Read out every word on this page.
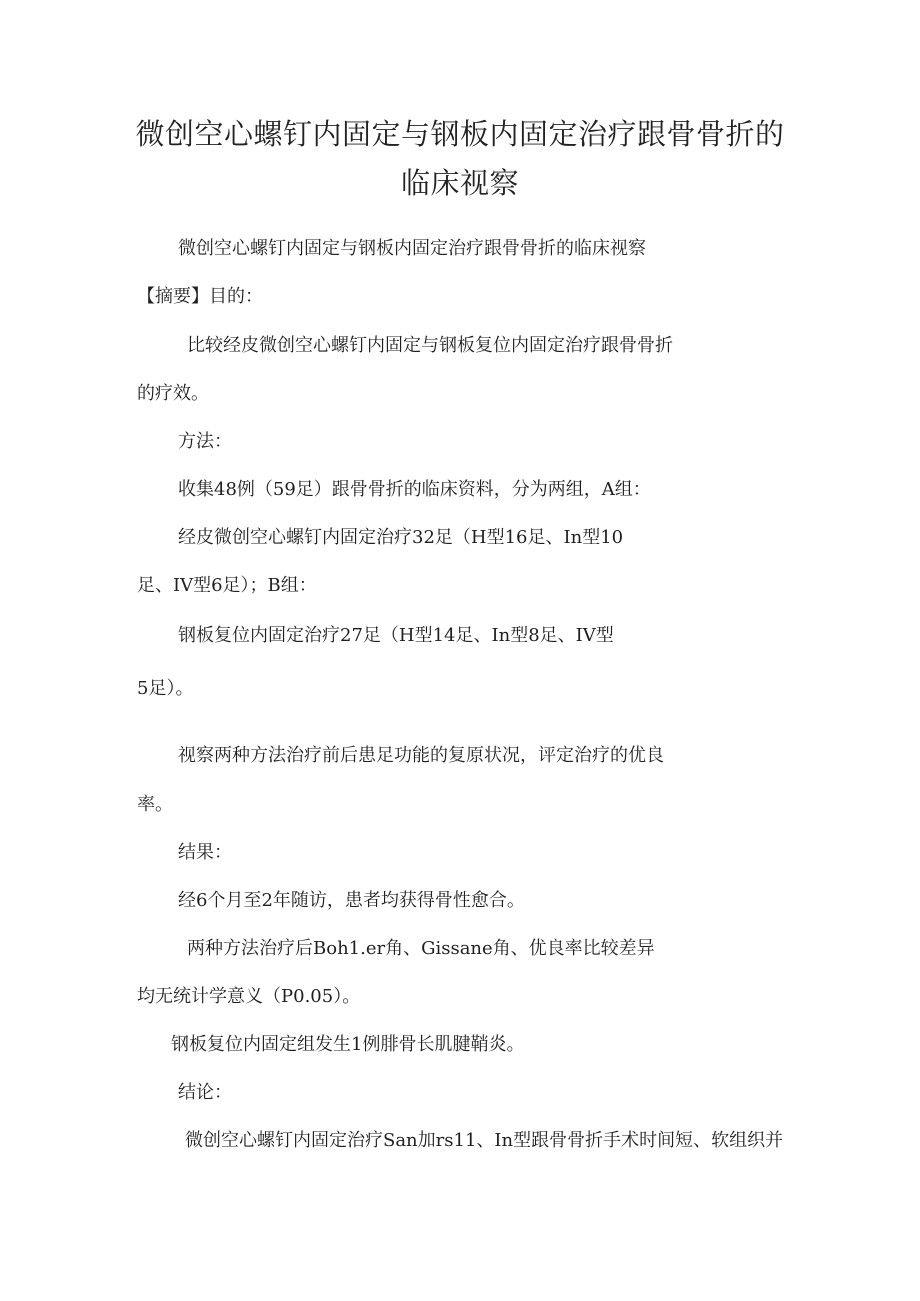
微创空心螺钉内固定与钢板内固定治疗跟骨骨折的
临床视察
微创空心螺钉内固定与钢板内固定治疗跟骨骨折的临床视察
【摘要】目的：
比较经皮微创空心螺钉内固定与钢板复位内固定治疗跟骨骨折
的疗效。
方法：
收集48例（59足）跟骨骨折的临床资料，分为两组，A组：
经皮微创空心螺钉内固定治疗32足（H型16足、In型10
足、IV型6足）；B组：
钢板复位内固定治疗27足（H型14足、In型8足、IV型
5足）。
视察两种方法治疗前后患足功能的复原状况，评定治疗的优良
率。
结果：
经6个月至2年随访，患者均获得骨性愈合。
两种方法治疗后Boh1.er角、Gissane角、优良率比较差异
均无统计学意义（P0.05）。
钢板复位内固定组发生1例腓骨长肌腱鞘炎。
结论：
微创空心螺钉内固定治疗San加rs11、In型跟骨骨折手术时间短、软组织并
